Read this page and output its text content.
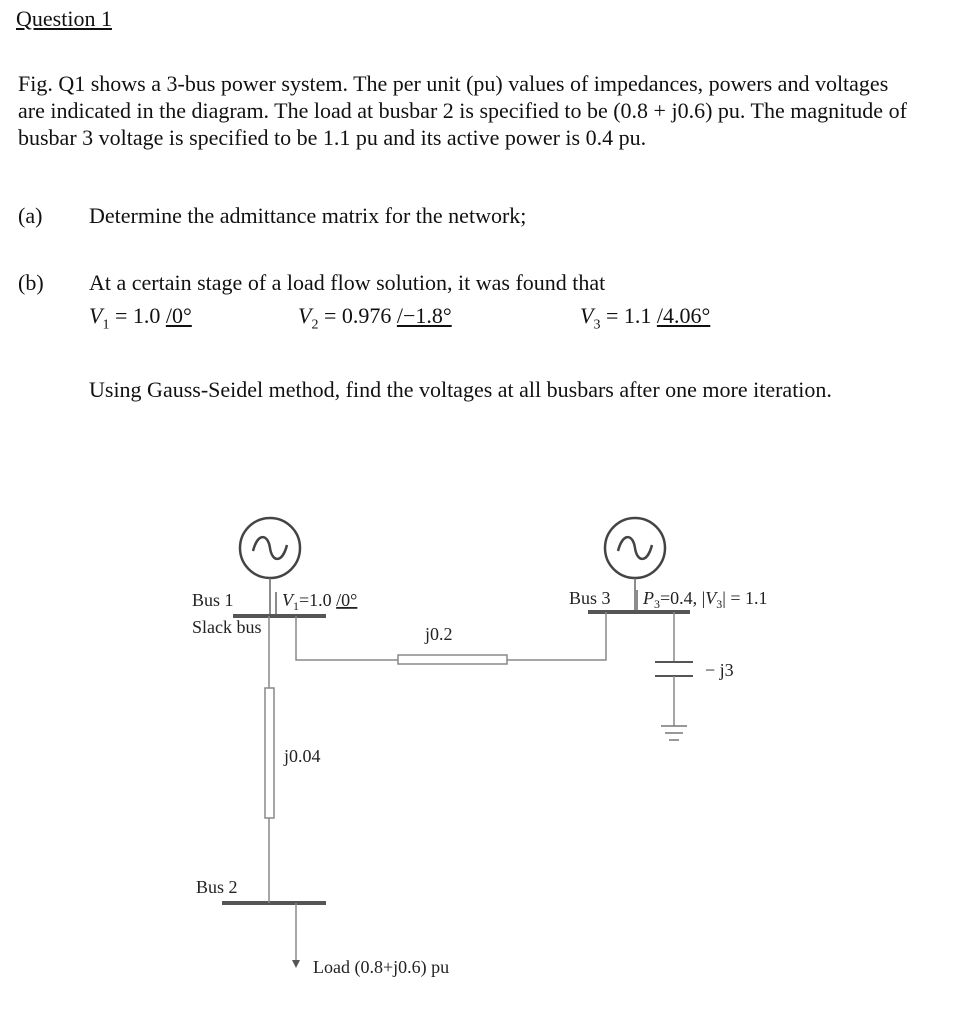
Question 1
Fig. Q1 shows a 3-bus power system. The per unit (pu) values of impedances, powers and voltages
are indicated in the diagram. The load at busbar 2 is specified to be (0.8 + j0.6) pu. The magnitude of
busbar 3 voltage is specified to be 1.1 pu and its active power is 0.4 pu.
(a) Determine the admittance matrix for the network;
(b) At a certain stage of a load flow solution, it was found that
$V_1 = 1.0$ /0°	$V_2 = 0.976$ /−1.8°	$V_3 = 1.1$ /4.06°
Using Gauss-Seidel method, find the voltages at all busbars after one more iteration.
Bus 1
Slack bus
$V_1=1.0$ /0°	Bus 3 $P_3=0.4$, $|V_3| = 1.1$
j0.2
j0.04
− j3
Bus 2
Load (0.8+j0.6) pu
